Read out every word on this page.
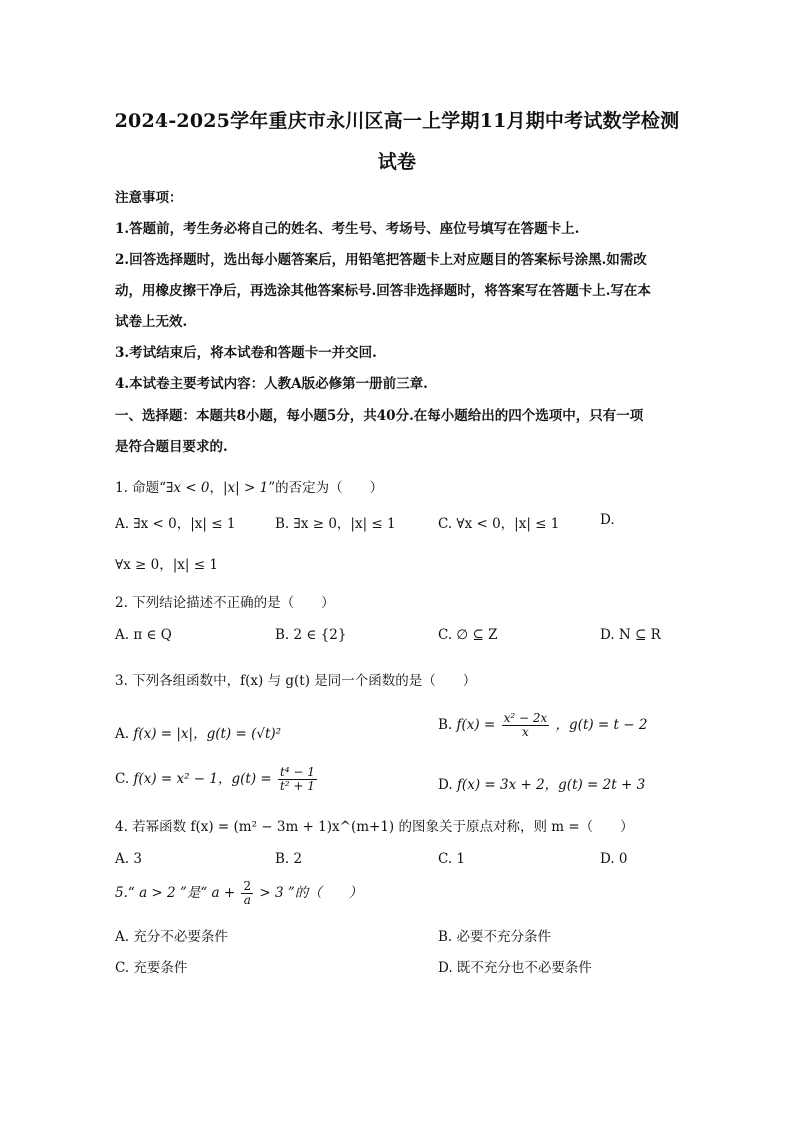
2024-2025学年重庆市永川区高一上学期11月期中考试数学检测
试卷
注意事项：
1.答题前，考生务必将自己的姓名、考生号、考场号、座位号填写在答题卡上.
2.回答选择题时，选出每小题答案后，用铅笔把答题卡上对应题目的答案标号涂黑.如需改
动，用橡皮擦干净后，再选涂其他答案标号.回答非选择题时，将答案写在答题卡上.写在本
试卷上无效.
3.考试结束后，将本试卷和答题卡一并交回.
4.本试卷主要考试内容：人教A版必修第一册前三章.
一、选择题：本题共8小题，每小题5分，共40分.在每小题给出的四个选项中，只有一项
是符合题目要求的.
1. 命题“∃x < 0，|x| > 1”的否定为（　　）
A. ∃x < 0，|x| ≤ 1	B. ∃x ≥ 0，|x| ≤ 1	C. ∀x < 0，|x| ≤ 1	D.
∀x ≥ 0，|x| ≤ 1
2. 下列结论描述不正确的是（　　）
A. π ∈ Q	B. 2 ∈ {2}	C. ∅ ⊆ Z	D. N ⊆ R
3. 下列各组函数中，f(x) 与 g(t) 是同一个函数的是（　　）
A. f(x) = |x|，g(t) = (√t)²
B. $f(x) = \frac{\text{x² − 2x}}{x}$ ，g(t) = t − 2
C. f(x) = x² − 1，$g(t) = \frac{\text{t⁴ − 1}}{\text{t² + 1}}$	D. f(x) = 3x + 2，g(t) = 2t + 3
4. 若幂函数 f(x) = (m² − 3m + 1)x^(m+1) 的图象关于原点对称，则 m =（　　）
A. 3	B. 2	C. 1	D. 0
5.“ a > 2 ”是“ $a + \frac{2}{a} > 3$ ”的（　　）
A. 充分不必要条件	B. 必要不充分条件
C. 充要条件	D. 既不充分也不必要条件
